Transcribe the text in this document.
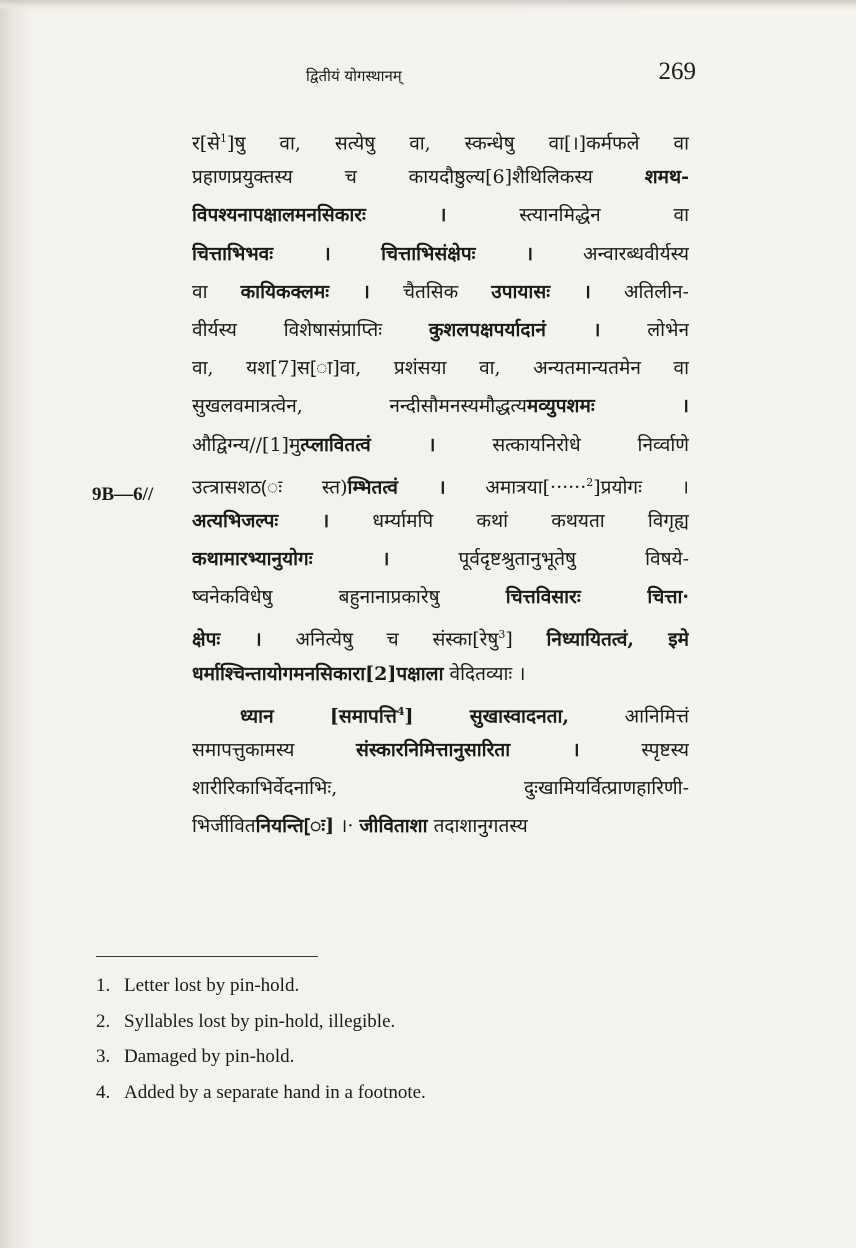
द्वितीयं योगस्थानम्	269
9B—6//
र[से$^1$]षु वा, सत्येषु वा, स्कन्धेषु वा[।]कर्मफले वा
प्रहाणप्रयुक्तस्य च कायदौष्ठुल्य[6]शैथिलिकस्य शमथ-
विपश्यनापक्षालमनसिकारः । स्त्यानमिद्धेन वा
चित्ताभिभवः । चित्ताभिसंक्षेपः । अन्वारब्धवीर्यस्य
वा कायिकक्लमः । चैतसिक उपायासः । अतिलीन-
वीर्यस्य विशेषासंप्राप्तिः कुशलपक्षपर्यादानं । लोभेन
वा, यश[7]स[ा]वा, प्रशंसया वा, अन्यतमान्यतमेन वा
सुखलवमात्रत्वेन, नन्दीसौमनस्यमौद्धत्यमव्युपशमः ।
औद्विग्न्य//[1]मुत्प्लावितत्वं । सत्कायनिरोधे निर्व्वाणे
उत्त्रासशठ(ः स्त)म्भितत्वं । अमात्रया[······$^2$]प्रयोगः ।
अत्यभिजल्पः । धर्म्यामपि कथां कथयता विगृह्य
कथामारभ्यानुयोगः । पूर्वदृष्टश्रुतानुभूतेषु विषये-
ष्वनेकविधेषु बहुनानाप्रकारेषु चित्तविसारः चित्ता·
क्षेपः । अनित्येषु च संस्का[रेषु$^3$] निध्यायितत्वं, इमे
धर्माश्चिन्तायोगमनसिकारा[2]पक्षाला वेदितव्याः ।
ध्यान [समापत्ति$^4$] सुखास्वादनता, आनिमित्तं
समापत्तुकामस्य संस्कारनिमित्तानुसारिता । स्पृष्टस्य
शारीरिकाभिर्वेदनाभिः, दुःखामियर्वित्प्राणहारिणी-
भिर्जीवितनियन्ति[ः] ।· जीविताशा तदाशानुगतस्य
1. Letter lost by pin-hold.
2. Syllables lost by pin-hold, illegible.
3. Damaged by pin-hold.
4. Added by a separate hand in a footnote.
